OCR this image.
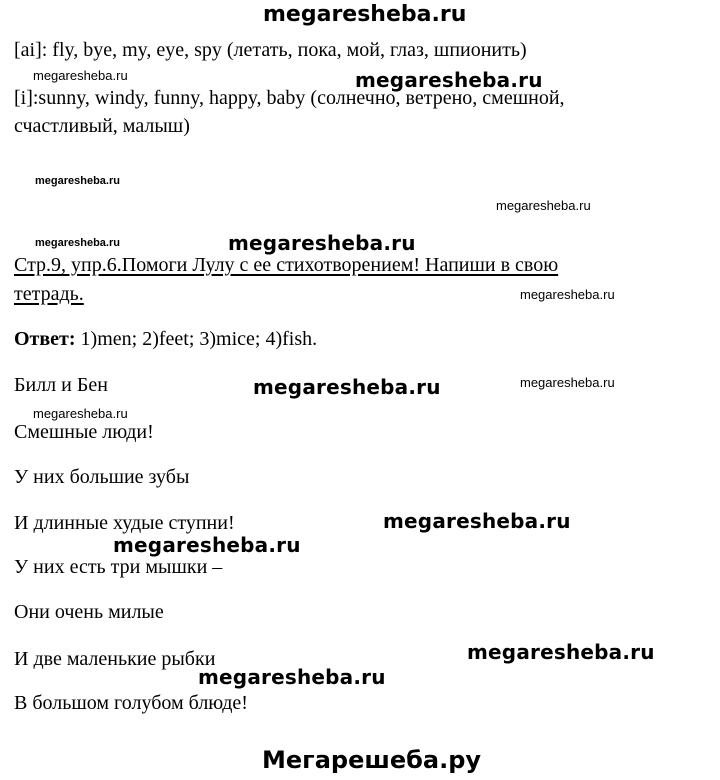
megaresheba.ru
[ai]: fly, bye, my, eye, spy (летать, пока, мой, глаз, шпионить)
megaresheba.ru	megaresheba.ru
[i]:sunny, windy, funny, happy, baby (солнечно, ветрено, смешной,
счастливый, малыш)
megaresheba.ru
megaresheba.ru
megaresheba.ru	megaresheba.ru
Стр.9, упр.6.Помоги Лулу с ее стихотворением! Напиши в свою
тетрадь.	megaresheba.ru
Ответ: 1)men; 2)feet; 3)mice; 4)fish.
Билл и Бен	megaresheba.ru	megaresheba.ru
megaresheba.ru
Смешные люди!
У них большие зубы
И длинные худые ступни!	megaresheba.ru
megaresheba.ru
У них есть три мышки –
Они очень милые
megaresheba.ru
И две маленькие рыбки
megaresheba.ru
В большом голубом блюде!
Мегарешеба.ру
